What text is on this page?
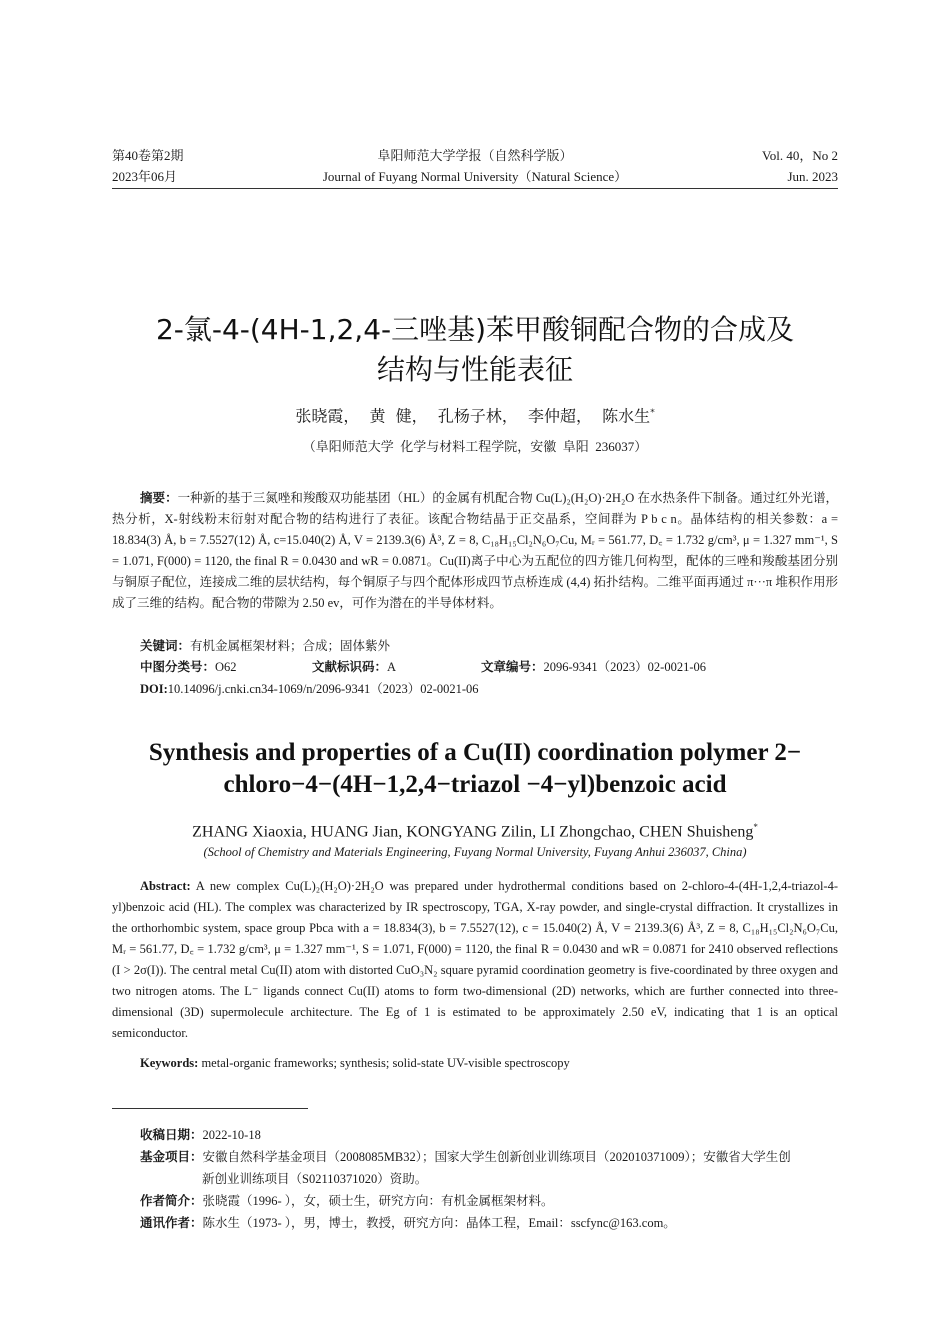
第40卷第2期
2023年06月
阜阳师范大学学报（自然科学版）
Journal of Fuyang Normal University（Natural Science）
Vol. 40，No 2
Jun. 2023
2-氯-4-(4H-1,2,4-三唑基)苯甲酸铜配合物的合成及
结构与性能表征
张晓霞，  黄  健，  孔杨子林，  李仲超，  陈水生*
（阜阳师范大学  化学与材料工程学院，安徽  阜阳  236037）
摘要：一种新的基于三氮唑和羧酸双功能基团（HL）的金属有机配合物 Cu(L)₂(H₂O)·2H₂O 在水热条件下制备。通过红外光谱，热分析，X-射线粉末衍射对配合物的结构进行了表征。该配合物结晶于正交晶系，空间群为 P b c n。晶体结构的相关参数：a = 18.834(3) Å, b = 7.5527(12) Å, c=15.040(2) Å, V = 2139.3(6) Å³, Z = 8, C₁₈H₁₅Cl₂N₆O₇Cu, Mᵣ = 561.77, D꜀ = 1.732 g/cm³, μ = 1.327 mm⁻¹, S = 1.071, F(000) = 1120, the final R = 0.0430 and wR = 0.0871。Cu(II)离子中心为五配位的四方锥几何构型，配体的三唑和羧酸基团分别与铜原子配位，连接成二维的层状结构，每个铜原子与四个配体形成四节点桥连成 (4,4) 拓扑结构。二维平面再通过 π···π 堆积作用形成了三维的结构。配合物的带隙为 2.50 ev，可作为潜在的半导体材料。
关键词：有机金属框架材料；合成；固体紫外
中图分类号：O62	文献标识码：A	文章编号：2096-9341（2023）02-0021-06
DOI:10.14096/j.cnki.cn34-1069/n/2096-9341（2023）02-0021-06
Synthesis and properties of a Cu(II) coordination polymer 2−
chloro−4−(4H−1,2,4−triazol −4−yl)benzoic acid
ZHANG Xiaoxia, HUANG Jian, KONGYANG Zilin, LI Zhongchao, CHEN Shuisheng*
(School of Chemistry and Materials Engineering, Fuyang Normal University, Fuyang Anhui 236037, China)
Abstract: A new complex Cu(L)₂(H₂O)·2H₂O was prepared under hydrothermal conditions based on 2-chloro-4-(4H-1,2,4-triazol-4-yl)benzoic acid (HL). The complex was characterized by IR spectroscopy, TGA, X-ray powder, and single-crystal diffraction. It crystallizes in the orthorhombic system, space group Pbca with a = 18.834(3), b = 7.5527(12), c = 15.040(2) Å, V = 2139.3(6) Å³, Z = 8, C₁₈H₁₅Cl₂N₆O₇Cu, Mᵣ = 561.77, D꜀ = 1.732 g/cm³, μ = 1.327 mm⁻¹, S = 1.071, F(000) = 1120, the final R = 0.0430 and wR = 0.0871 for 2410 observed reflections (I > 2σ(I)). The central metal Cu(II) atom with distorted CuO₃N₂ square pyramid coordination geometry is five-coordinated by three oxygen and two nitrogen atoms. The L⁻ ligands connect Cu(II) atoms to form two-dimensional (2D) networks, which are further connected into three-dimensional (3D) supermolecule architecture. The Eg of 1 is estimated to be approximately 2.50 eV, indicating that 1 is an optical semiconductor.
Keywords: metal-organic frameworks; synthesis; solid-state UV-visible spectroscopy

收稿日期：2022-10-18

基金项目：安徽自然科学基金项目（2008085MB32）；国家大学生创新创业训练项目（202010371009）；安徽省大学生创
新创业训练项目（S02110371020）资助。

作者简介：张晓霞（1996- ），女，硕士生，研究方向：有机金属框架材料。

通讯作者：陈水生（1973- ），男，博士，教授，研究方向：晶体工程，Email：sscfync@163.com。
